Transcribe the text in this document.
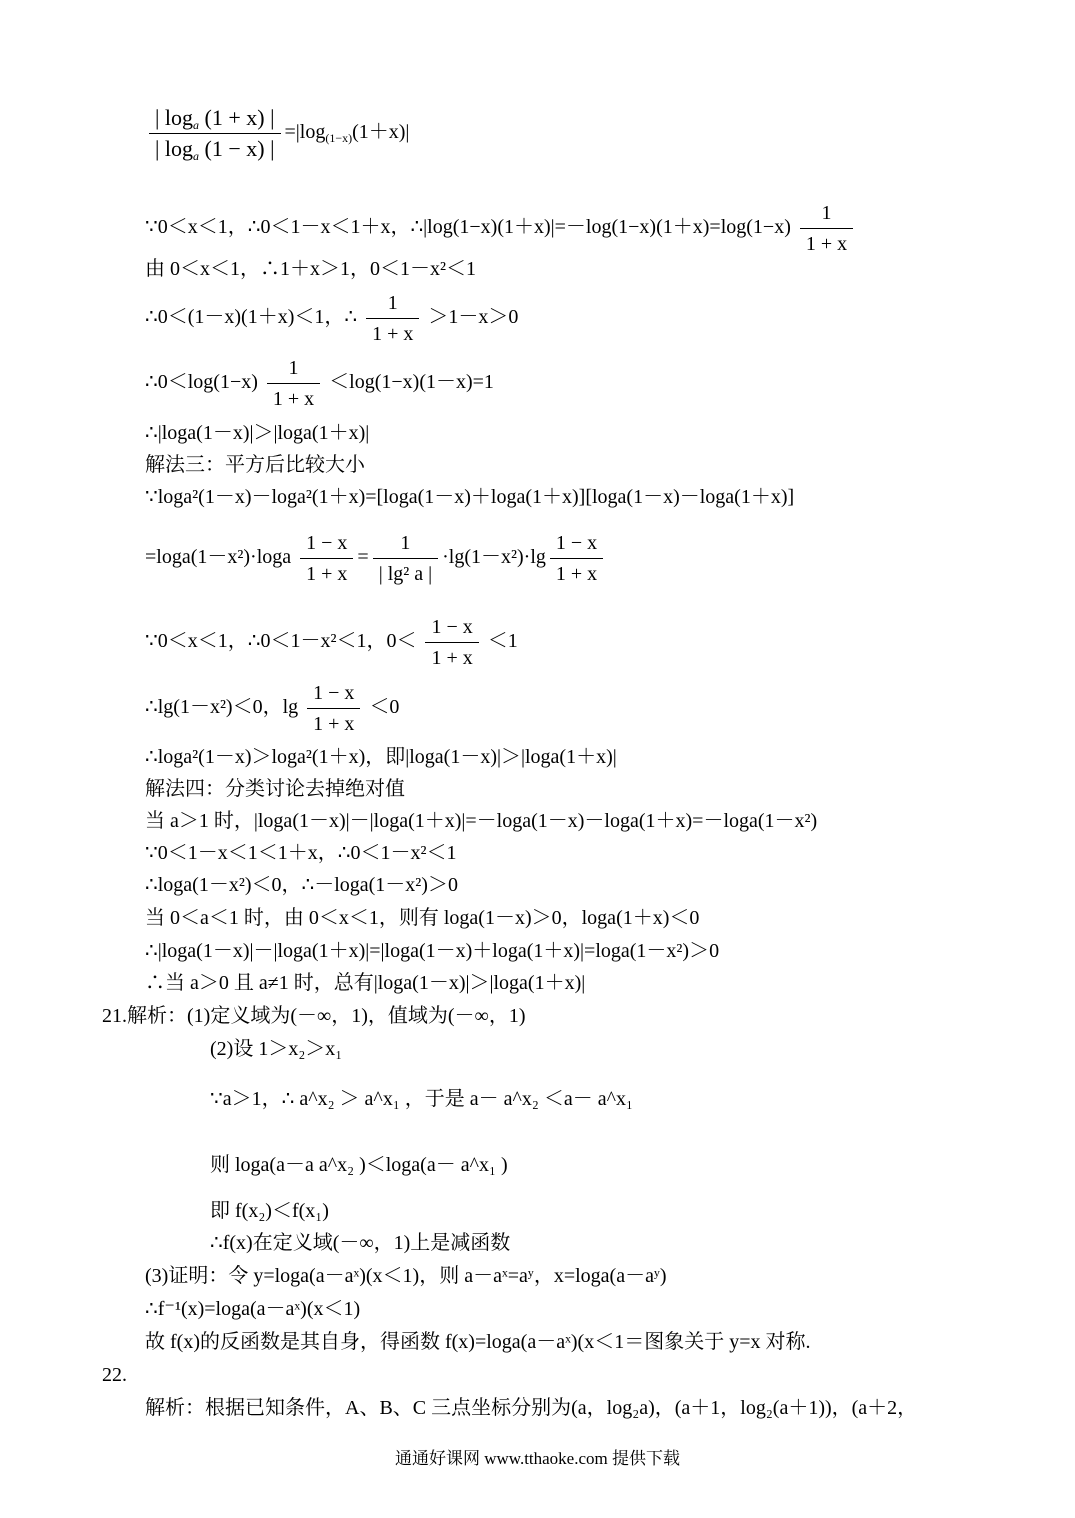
$\frac{| \log_a (1 + x) |}{| \log_a (1 - x) |} =|\log_{(1-x)}(1+x)|$
∵0＜x＜1，∴0＜1－x＜1＋x，∴|log(1−x)(1＋x)|=－log(1−x)(1＋x)=log(1−x) $\frac{1}{1 + x}$
由 0＜x＜1，∴1＋x＞1，0＜1－x²＜1
∴0＜(1－x)(1＋x)＜1，∴ $\frac{1}{1 + x} >1-x>0$
∴0＜log(1−x) $\frac{1}{1 + x} <\log(1-x)(1-x)=1$
∴|loga(1－x)|＞|loga(1＋x)|
解法三：平方后比较大小
∵loga²(1－x)－loga²(1＋x)=[loga(1－x)＋loga(1＋x)][loga(1－x)－loga(1＋x)]
$=\log a(1-x^2)\cdot\log a \frac{1 - x}{1 + x} = \frac{1}{\text{| lg² a |}} \cdot\lg(1-x^2)\cdot\lg \frac{1 - x}{1 + x}$
∵0＜x＜1，∴0＜1－x²＜1，$0< \frac{1 - x}{1 + x} <1$
∴lg(1－x²)＜0，$\lg \frac{1 - x}{1 + x} <0$
∴loga²(1－x)＞loga²(1＋x)，即|loga(1－x)|＞|loga(1＋x)|
解法四：分类讨论去掉绝对值
当 a＞1 时，|loga(1－x)|－|loga(1＋x)|=－loga(1－x)－loga(1＋x)=－loga(1－x²)
∵0＜1－x＜1＜1＋x，∴0＜1－x²＜1
∴loga(1－x²)＜0，∴－loga(1－x²)＞0
当 0＜a＜1 时，由 0＜x＜1，则有 loga(1－x)＞0，loga(1＋x)＜0
∴|loga(1－x)|－|loga(1＋x)|=|loga(1－x)＋loga(1＋x)|=loga(1－x²)＞0
∴当 a＞0 且 a≠1 时，总有|loga(1－x)|＞|loga(1＋x)|
21.解析：(1)定义域为(－∞，1)，值域为(－∞，1)
(2)设 1＞x₂＞x₁
∵a＞1，∴ a^x₂ ＞ a^x₁ ，于是 a－ a^x₂ ＜a－ a^x₁
则 loga(a－a a^x₂ )＜loga(a－ a^x₁ )
即 f(x₂)＜f(x₁)
∴f(x)在定义域(－∞，1)上是减函数
(3)证明：令 y=loga(a－aˣ)(x＜1)，则 a－aˣ=aʸ，x=loga(a－aʸ)
∴f⁻¹(x)=loga(a－aˣ)(x＜1)
故 f(x)的反函数是其自身，得函数 f(x)=loga(a－aˣ)(x＜1＝图象关于 y=x 对称.
22.
解析：根据已知条件，A、B、C 三点坐标分别为(a，log₂a)，(a＋1，log₂(a＋1))，(a＋2，
通通好课网 www.tthaoke.com 提供下载
